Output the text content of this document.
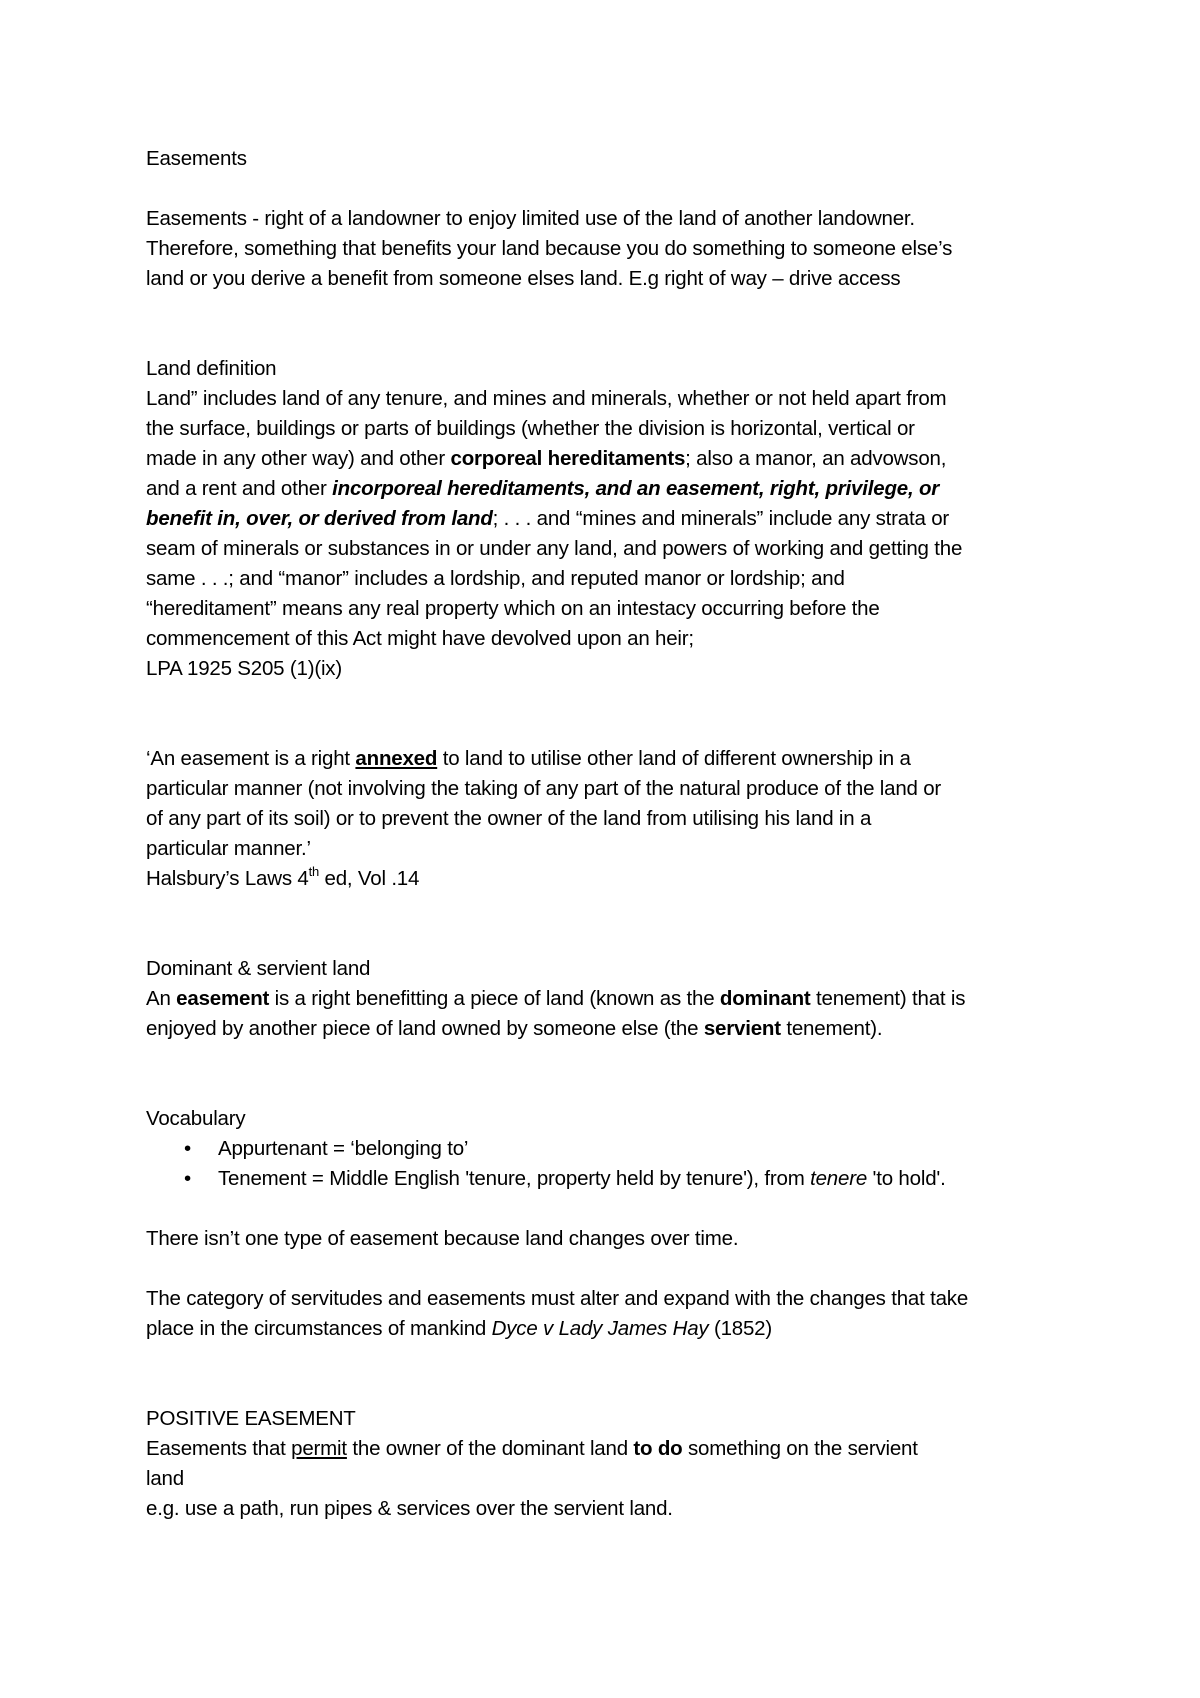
Easements

Easements - right of a landowner to enjoy limited use of the land of another landowner.
Therefore, something that benefits your land because you do something to someone else’s
land or you derive a benefit from someone elses land. E.g right of way – drive access
Land definition
Land” includes land of any tenure, and mines and minerals, whether or not held apart from
the surface, buildings or parts of buildings (whether the division is horizontal, vertical or
made in any other way) and other corporeal hereditaments; also a manor, an advowson,
and a rent and other incorporeal hereditaments, and an easement, right, privilege, or
benefit in, over, or derived from land; . . . and “mines and minerals” include any strata or
seam of minerals or substances in or under any land, and powers of working and getting the
same . . .; and “manor” includes a lordship, and reputed manor or lordship; and
“hereditament” means any real property which on an intestacy occurring before the
commencement of this Act might have devolved upon an heir;
LPA 1925 S205 (1)(ix)
‘An easement is a right annexed to land to utilise other land of different ownership in a
particular manner (not involving the taking of any part of the natural produce of the land or
of any part of its soil) or to prevent the owner of the land from utilising his land in a
particular manner.’
Halsbury’s Laws 4th ed, Vol .14
Dominant & servient land
An easement is a right benefitting a piece of land (known as the dominant tenement) that is
enjoyed by another piece of land owned by someone else (the servient tenement).
Vocabulary
• Appurtenant = ‘belonging to’
• Tenement = Middle English 'tenure, property held by tenure'), from tenere 'to hold'.

There isn’t one type of easement because land changes over time.

The category of servitudes and easements must alter and expand with the changes that take
place in the circumstances of mankind Dyce v Lady James Hay (1852)
POSITIVE EASEMENT
Easements that permit the owner of the dominant land to do something on the servient
land
e.g. use a path, run pipes & services over the servient land.
